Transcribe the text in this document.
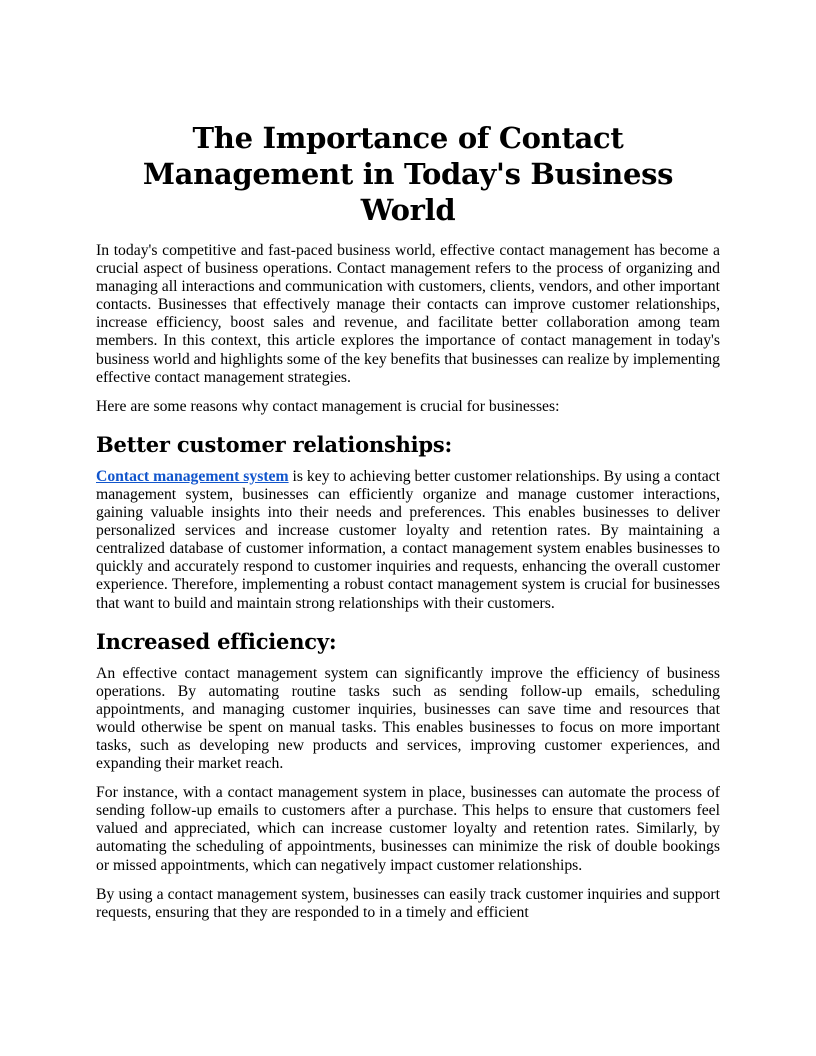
The Importance of Contact Management in Today's Business World

In today's competitive and fast-paced business world, effective contact management has become a crucial aspect of business operations. Contact management refers to the process of organizing and managing all interactions and communication with customers, clients, vendors, and other important contacts. Businesses that effectively manage their contacts can improve customer relationships, increase efficiency, boost sales and revenue, and facilitate better collaboration among team members. In this context, this article explores the importance of contact management in today's business world and highlights some of the key benefits that businesses can realize by implementing effective contact management strategies.

Here are some reasons why contact management is crucial for businesses:

Better customer relationships:

Contact management system is key to achieving better customer relationships. By using a contact management system, businesses can efficiently organize and manage customer interactions, gaining valuable insights into their needs and preferences. This enables businesses to deliver personalized services and increase customer loyalty and retention rates. By maintaining a centralized database of customer information, a contact management system enables businesses to quickly and accurately respond to customer inquiries and requests, enhancing the overall customer experience. Therefore, implementing a robust contact management system is crucial for businesses that want to build and maintain strong relationships with their customers.

Increased efficiency:

An effective contact management system can significantly improve the efficiency of business operations. By automating routine tasks such as sending follow-up emails, scheduling appointments, and managing customer inquiries, businesses can save time and resources that would otherwise be spent on manual tasks. This enables businesses to focus on more important tasks, such as developing new products and services, improving customer experiences, and expanding their market reach.

For instance, with a contact management system in place, businesses can automate the process of sending follow-up emails to customers after a purchase. This helps to ensure that customers feel valued and appreciated, which can increase customer loyalty and retention rates. Similarly, by automating the scheduling of appointments, businesses can minimize the risk of double bookings or missed appointments, which can negatively impact customer relationships.

By using a contact management system, businesses can easily track customer inquiries and support requests, ensuring that they are responded to in a timely and efficient
